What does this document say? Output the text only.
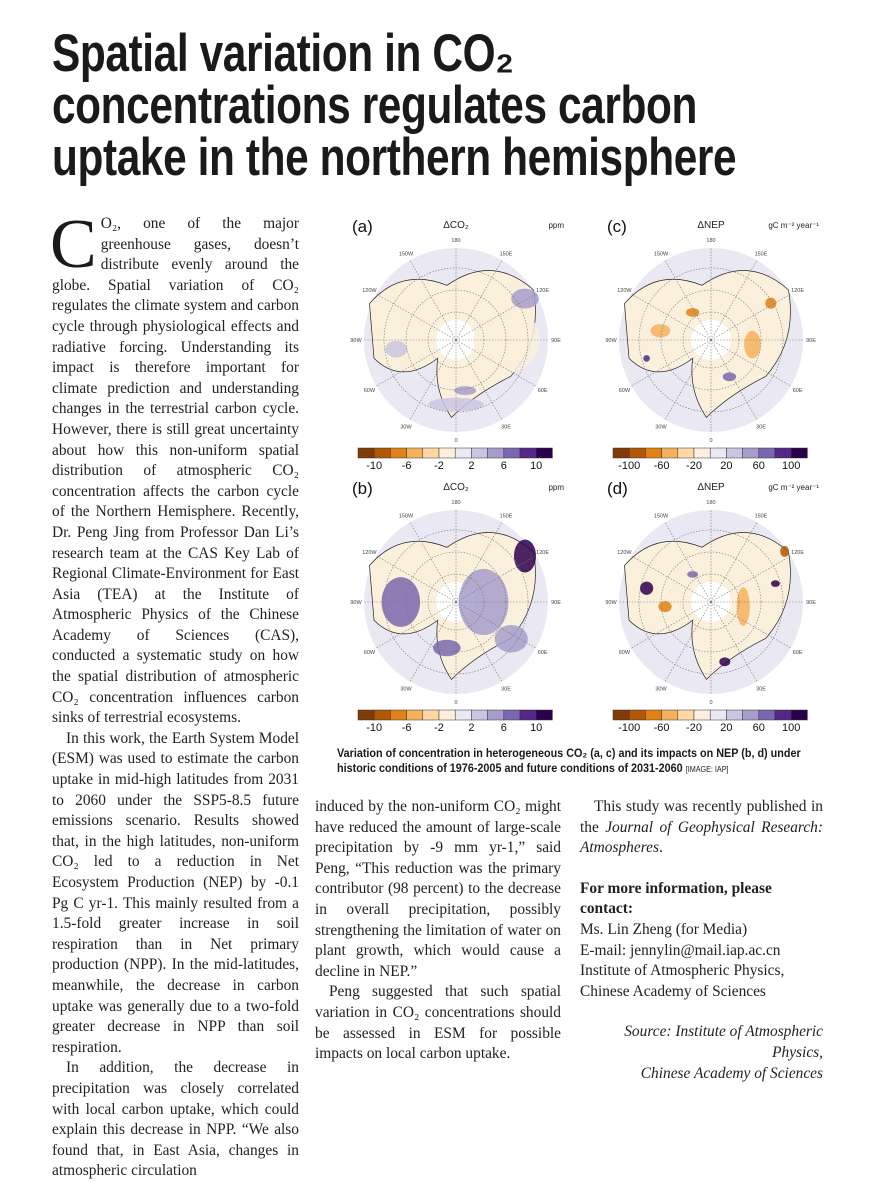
Spatial variation in CO₂
concentrations regulates carbon
uptake in the northern hemisphere

C O₂, one of the major greenhouse gases, doesn’t distribute evenly around the globe. Spatial variation of CO₂ regulates the climate system and carbon cycle through physiological effects and radiative forcing. Understanding its impact is therefore important for climate prediction and understanding changes in the terrestrial carbon cycle. However, there is still great uncertainty about how this non-uniform spatial distribution of atmospheric CO₂ concentration affects the carbon cycle of the Northern Hemisphere. Recently, Dr. Peng Jing from Professor Dan Li’s research team at the CAS Key Lab of Regional Climate-Environment for East Asia (TEA) at the Institute of Atmospheric Physics of the Chinese Academy of Sciences (CAS), conducted a systematic study on how the spatial distribution of atmospheric CO₂ concentration influences carbon sinks of terrestrial ecosystems.

In this work, the Earth System Model (ESM) was used to estimate the carbon uptake in mid-high latitudes from 2031 to 2060 under the SSP5-8.5 future emissions scenario. Results showed that, in the high latitudes, non-uniform CO₂ led to a reduction in Net Ecosystem Production (NEP) by -0.1 Pg C yr-1. This mainly resulted from a 1.5-fold greater increase in soil respiration than in Net primary production (NPP). In the mid-latitudes, meanwhile, the decrease in carbon uptake was generally due to a two-fold greater decrease in NPP than soil respiration.

In addition, the decrease in precipitation was closely correlated with local carbon uptake, which could explain this decrease in NPP. “We also found that, in East Asia, changes in atmospheric circulation

(a)	ΔCO₂	ppm
180
150W	150E
120W	120E
90W	90E
60W	60E
30W	30E
0
-10 -6 -2 2 6 10
(c)	ΔNEP	gC m⁻² year⁻¹
180
150W	150E
120W	120E
90W	90E
60W	60E
30W	30E
0
-100 -60 -20 20 60 100
(b)	ΔCO₂	ppm
180
150W	150E
120W	120E
90W	90E
60W	60E
30W	30E
0
-10 -6 -2 2 6 10
(d)	ΔNEP	gC m⁻² year⁻¹
180
150W	150E
120W	120E
90W	90E
60W	60E
30W	30E
0
-100 -60 -20 20 60 100
Variation of concentration in heterogeneous CO₂ (a, c) and its impacts on NEP (b, d) under historic conditions of 1976-2005 and future conditions of 2031-2060 [IMAGE: IAP]

induced by the non-uniform CO₂ might have reduced the amount of large-scale precipitation by -9 mm yr-1,” said Peng, “This reduction was the primary contributor (98 percent) to the decrease in overall precipitation, possibly strengthening the limitation of water on plant growth, which would cause a decline in NEP.”

Peng suggested that such spatial variation in CO₂ concentrations should be assessed in ESM for possible impacts on local carbon uptake.

This study was recently published in the Journal of Geophysical Research: Atmospheres.

For more information, please contact:

Ms. Lin Zheng (for Media)

E-mail: jennylin@mail.iap.ac.cn

Institute of Atmospheric Physics,

Chinese Academy of Sciences

Source: Institute of Atmospheric Physics,

Chinese Academy of Sciences
